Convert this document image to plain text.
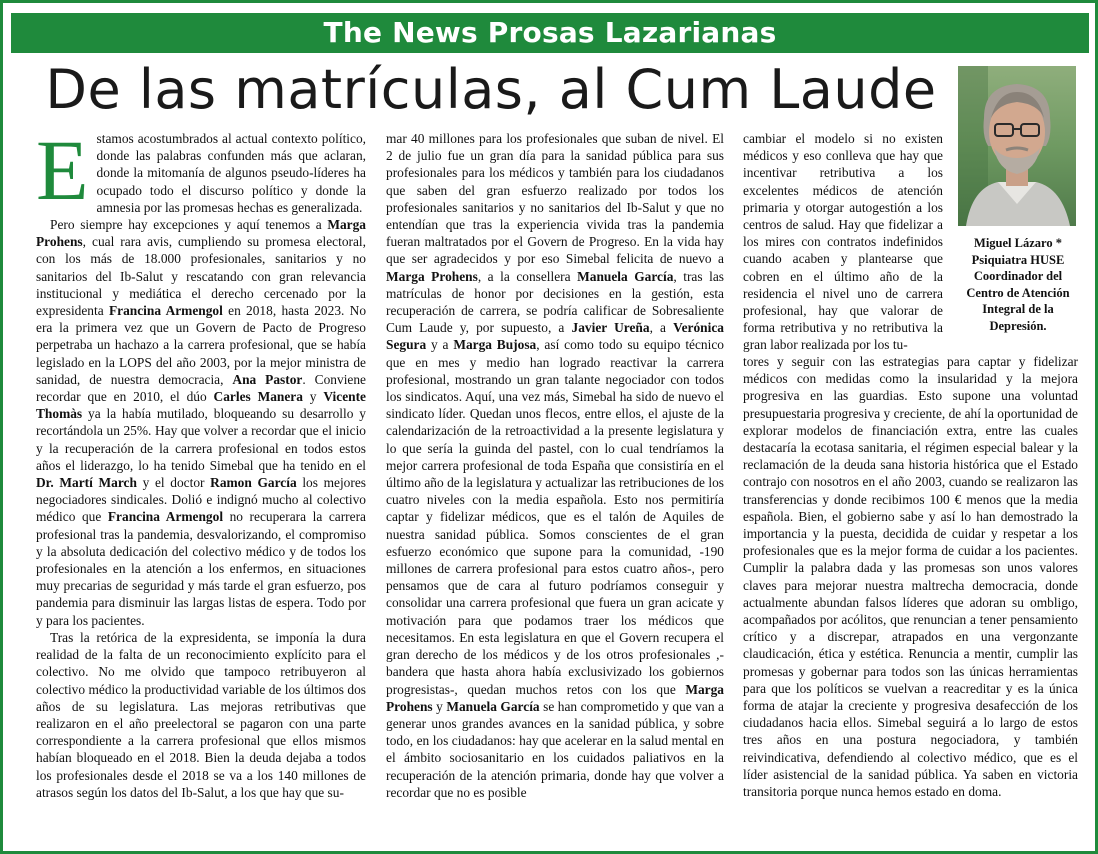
The News Prosas Lazarianas
De las matrículas, al Cum Laude
Miguel Lázaro *
Psiquiatra HUSE
Coordinador del
Centro de Atención
Integral de la
Depresión.

Estamos acostumbrados al actual contexto político, donde las palabras confunden más que aclaran, donde la mitomanía de algunos pseudo-líderes ha ocupado todo el discurso político y donde la amnesia por las promesas hechas es generalizada.

Pero siempre hay excepciones y aquí tenemos a Marga Prohens, cual rara avis, cumpliendo su promesa electoral, con los más de 18.000 profesionales, sanitarios y no sanitarios del Ib-Salut y rescatando con gran relevancia institucional y mediática el derecho cercenado por la expresidenta Francina Armengol en 2018, hasta 2023. No era la primera vez que un Govern de Pacto de Progreso perpetraba un hachazo a la carrera profesional, que se había legislado en la LOPS del año 2003, por la mejor ministra de sanidad, de nuestra democracia, Ana Pastor. Conviene recordar que en 2010, el dúo Carles Manera y Vicente Thomàs ya la había mutilado, bloqueando su desarrollo y recortándola un 25%. Hay que volver a recordar que el inicio y la recuperación de la carrera profesional en todos estos años el liderazgo, lo ha tenido Simebal que ha tenido en el Dr. Martí March y el doctor Ramon García los mejores negociadores sindicales. Dolió e indignó mucho al colectivo médico que Francina Armengol no recuperara la carrera profesional tras la pandemia, desvalorizando, el compromiso y la absoluta dedicación del colectivo médico y de todos los profesionales en la atención a los enfermos, en situaciones muy precarias de seguridad y más tarde el gran esfuerzo, pos pandemia para disminuir las largas listas de espera. Todo por y para los pacientes.

Tras la retórica de la expresidenta, se imponía la dura realidad de la falta de un reconocimiento explícito para el colectivo. No me olvido que tampoco retribuyeron al colectivo médico la productividad variable de los últimos dos años de su legislatura. Las mejoras retributivas que realizaron en el año preelectoral se pagaron con una parte correspondiente a la carrera profesional que ellos mismos habían bloqueado en el 2018. Bien la deuda dejaba a todos los profesionales desde el 2018 se va a los 140 millones de atrasos según los datos del Ib-Salut, a los que hay que su-

mar 40 millones para los profesionales que suban de nivel. El 2 de julio fue un gran día para la sanidad pública para sus profesionales para los médicos y también para los ciudadanos que saben del gran esfuerzo realizado por todos los profesionales sanitarios y no sanitarios del Ib-Salut y que no entendían que tras la experiencia vivida tras la pandemia fueran maltratados por el Govern de Progreso. En la vida hay que ser agradecidos y por eso Simebal felicita de nuevo a Marga Prohens, a la consellera Manuela García, tras las matrículas de honor por decisiones en la gestión, esta recuperación de carrera, se podría calificar de Sobresaliente Cum Laude y, por supuesto, a Javier Ureña, a Verónica Segura y a Marga Bujosa, así como todo su equipo técnico que en mes y medio han logrado reactivar la carrera profesional, mostrando un gran talante negociador con todos los sindicatos. Aquí, una vez más, Simebal ha sido de nuevo el sindicato líder. Quedan unos flecos, entre ellos, el ajuste de la calendarización de la retroactividad a la presente legislatura y lo que sería la guinda del pastel, con lo cual tendríamos la mejor carrera profesional de toda España que consistiría en el último año de la legislatura y actualizar las retribuciones de los cuatro niveles con la media española. Esto nos permitiría captar y fidelizar médicos, que es el talón de Aquiles de nuestra sanidad pública. Somos conscientes de el gran esfuerzo económico que supone para la comunidad, -190 millones de carrera profesional para estos cuatro años-, pero pensamos que de cara al futuro podríamos conseguir y consolidar una carrera profesional que fuera un gran acicate y motivación para que podamos traer los médicos que necesitamos. En esta legislatura en que el Govern recupera el gran derecho de los médicos y de los otros profesionales ,-bandera que hasta ahora había exclusivizado los gobiernos progresistas-, quedan muchos retos con los que Marga Prohens y Manuela García se han comprometido y que van a generar unos grandes avances en la sanidad pública, y sobre todo, en los ciudadanos: hay que acelerar en la salud mental en el ámbito sociosanitario en los cuidados paliativos en la recuperación de la atención primaria, donde hay que volver a recordar que no es posible

cambiar el modelo si no existen médicos y eso conlleva que hay que incentivar retributiva a los excelentes médicos de atención primaria y otorgar autogestión a los centros de salud. Hay que fidelizar a los mires con contratos indefinidos cuando acaben y plantearse que cobren en el último año de la residencia el nivel uno de carrera profesional, hay que valorar de forma retributiva y no retributiva la gran labor realizada por los tu-

tores y seguir con las estrategias para captar y fidelizar médicos con medidas como la insularidad y la mejora progresiva en las guardias. Esto supone una voluntad presupuestaria progresiva y creciente, de ahí la oportunidad de explorar modelos de financiación extra, entre las cuales destacaría la ecotasa sanitaria, el régimen especial balear y la reclamación de la deuda sana historia histórica que el Estado contrajo con nosotros en el año 2003, cuando se realizaron las transferencias y donde recibimos 100 € menos que la media española. Bien, el gobierno sabe y así lo han demostrado la importancia y la puesta, decidida de cuidar y respetar a los profesionales que es la mejor forma de cuidar a los pacientes. Cumplir la palabra dada y las promesas son unos valores claves para mejorar nuestra maltrecha democracia, donde actualmente abundan falsos líderes que adoran su ombligo, acompañados por acólitos, que renuncian a tener pensamiento crítico y a discrepar, atrapados en una vergonzante claudicación, ética y estética. Renuncia a mentir, cumplir las promesas y gobernar para todos son las únicas herramientas para que los políticos se vuelvan a reacreditar y es la única forma de atajar la creciente y progresiva desafección de los ciudadanos hacia ellos. Simebal seguirá a lo largo de estos tres años en una postura negociadora, y también reivindicativa, defendiendo al colectivo médico, que es el líder asistencial de la sanidad pública. Ya saben en victoria transitoria porque nunca hemos estado en doma.
